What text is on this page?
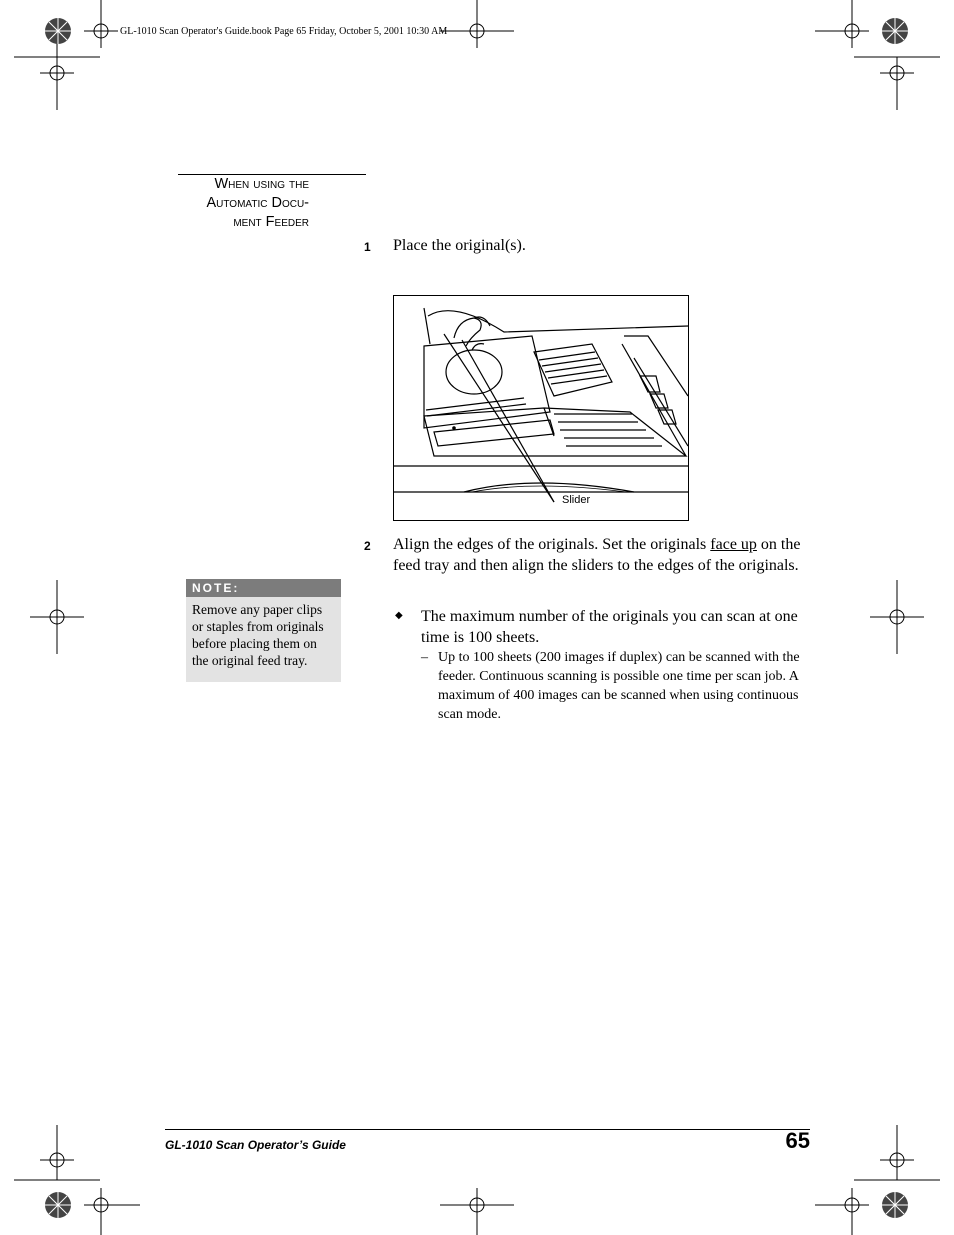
GL-1010 Scan Operator's Guide.book Page 65 Friday, October 5, 2001 10:30 AM
When using the
Automatic Docu-
ment Feeder
1 Place the original(s).
Slider
2 Align the edges of the originals. Set the originals face up on the feed tray and then align the sliders to the edges of the originals.
◆ The maximum number of the originals you can scan at one time is 100 sheets.
– Up to 100 sheets (200 images if duplex) can be scanned with the feeder. Continuous scanning is possible one time per scan job. A maximum of 400 images can be scanned when using continuous scan mode.
NOTE:
Remove any paper clips or staples from originals before placing them on the original feed tray.
GL-1010 Scan Operator’s Guide	65
